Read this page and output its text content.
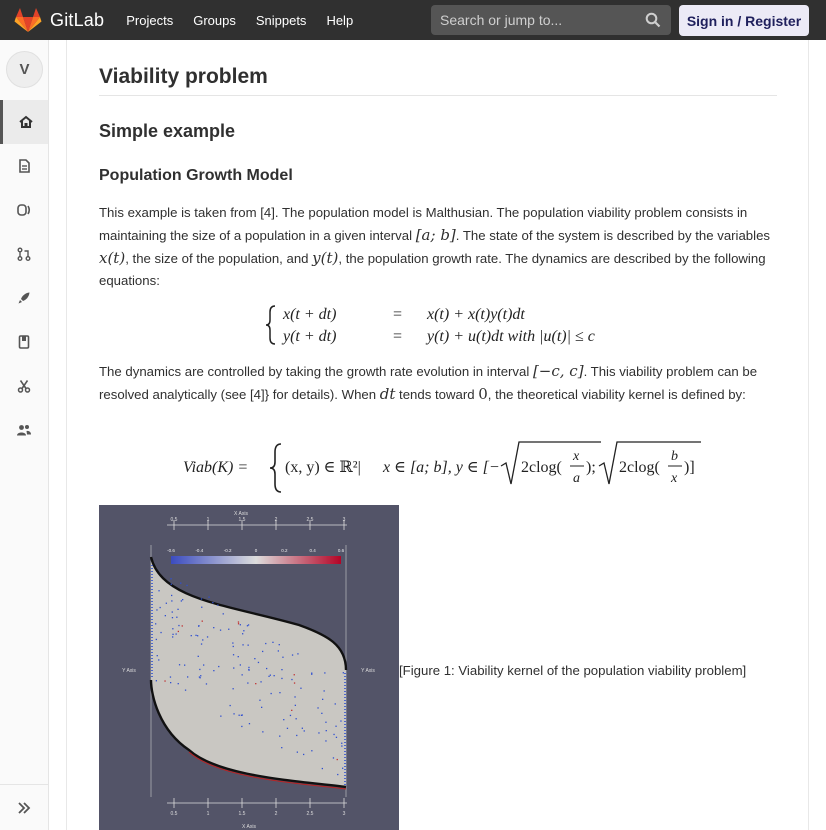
GitLab Projects Groups Snippets Help	Search or jump to...	Sign in / Register
V	Viability problem
Simple example
Population Growth Model
This example is taken from [4]. The population model is Malthusian. The population viability problem consists in maintaining the size of a population in a given interval [a; b]. The state of the system is described by the variables x(t), the size of the population, and y(t), the population growth rate. The dynamics are described by the following equations:
x(t + dt)	= x(t) + x(t)y(t)dt
y(t + dt)	= y(t) + u(t)dt with |u(t)| ≤ c
The dynamics are controlled by taking the growth rate evolution in interval [−c, c]. This viability problem can be resolved analytically (see [4]} for details). When dt tends toward 0, the theoretical viability kernel is defined by:
Viab(K) = (x, y) ∈ ℝ²| x ∈ [a; b], y ∈ [− 2clog(
x
a
); 2clog(
b
x
)]
X Axis
0.5	1	1.5	2	2.5	3
-0.6	-0.4	-0.2	0	0.2	0.4	0.6
Y Axis	Y Axis
0.5	1	1.5	2	2.5	3
X Axis
[Figure 1: Viability kernel of the population viability problem]
